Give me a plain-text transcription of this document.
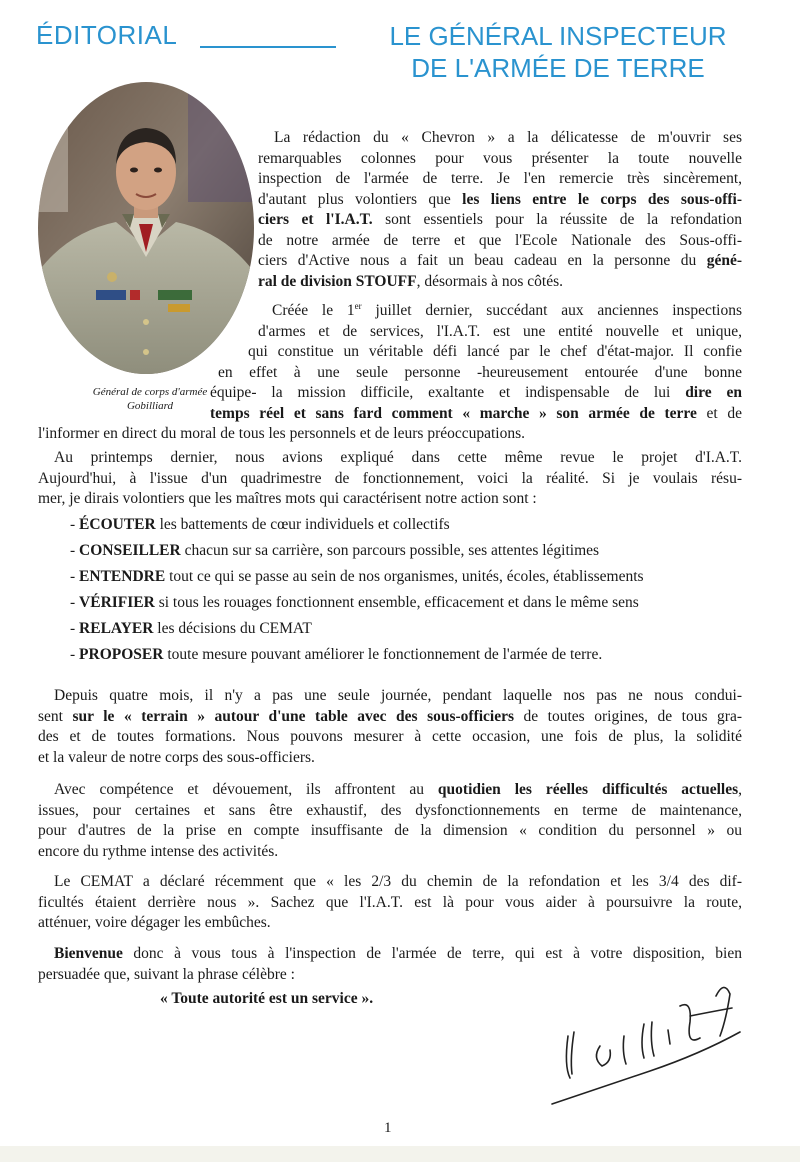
ÉDITORIAL	LE GÉNÉRAL INSPECTEUR
DE L'ARMÉE DE TERRE
Général de corps d'armée
Gobilliard
La rédaction du « Chevron » a la délicatesse de m'ouvrir ses
remarquables colonnes pour vous présenter la toute nouvelle
inspection de l'armée de terre. Je l'en remercie très sincèrement,
d'autant plus volontiers que les liens entre le corps des sous-offi-
ciers et l'I.A.T. sont essentiels pour la réussite de la refondation
de notre armée de terre et que l'Ecole Nationale des Sous-offi-
ciers d'Active nous a fait un beau cadeau en la personne du géné-
ral de division STOUFF, désormais à nos côtés.
Créée le 1er juillet dernier, succédant aux anciennes inspections
d'armes et de services, l'I.A.T. est une entité nouvelle et unique,
qui constitue un véritable défi lancé par le chef d'état-major. Il confie
en effet à une seule personne -heureusement entourée d'une bonne
équipe- la mission difficile, exaltante et indispensable de lui dire en
temps réel et sans fard comment « marche » son armée de terre et de
l'informer en direct du moral de tous les personnels et de leurs préoccupations.
Au printemps dernier, nous avions expliqué dans cette même revue le projet d'I.A.T.
Aujourd'hui, à l'issue d'un quadrimestre de fonctionnement, voici la réalité. Si je voulais résu-
mer, je dirais volontiers que les maîtres mots qui caractérisent notre action sont :
- ÉCOUTER les battements de cœur individuels et collectifs
- CONSEILLER chacun sur sa carrière, son parcours possible, ses attentes légitimes
- ENTENDRE tout ce qui se passe au sein de nos organismes, unités, écoles, établissements
- VÉRIFIER si tous les rouages fonctionnent ensemble, efficacement et dans le même sens
- RELAYER les décisions du CEMAT
- PROPOSER toute mesure pouvant améliorer le fonctionnement de l'armée de terre.
Depuis quatre mois, il n'y a pas une seule journée, pendant laquelle nos pas ne nous condui-
sent sur le « terrain » autour d'une table avec des sous-officiers de toutes origines, de tous gra-
des et de toutes formations. Nous pouvons mesurer à cette occasion, une fois de plus, la solidité
et la valeur de notre corps des sous-officiers.
Avec compétence et dévouement, ils affrontent au quotidien les réelles difficultés actuelles,
issues, pour certaines et sans être exhaustif, des dysfonctionnements en terme de maintenance,
pour d'autres de la prise en compte insuffisante de la dimension « condition du personnel » ou
encore du rythme intense des activités.
Le CEMAT a déclaré récemment que « les 2/3 du chemin de la refondation et les 3/4 des dif-
ficultés étaient derrière nous ». Sachez que l'I.A.T. est là pour vous aider à poursuivre la route,
atténuer, voire dégager les embûches.
Bienvenue donc à vous tous à l'inspection de l'armée de terre, qui est à votre disposition, bien
persuadée que, suivant la phrase célèbre :
« Toute autorité est un service ».
1
